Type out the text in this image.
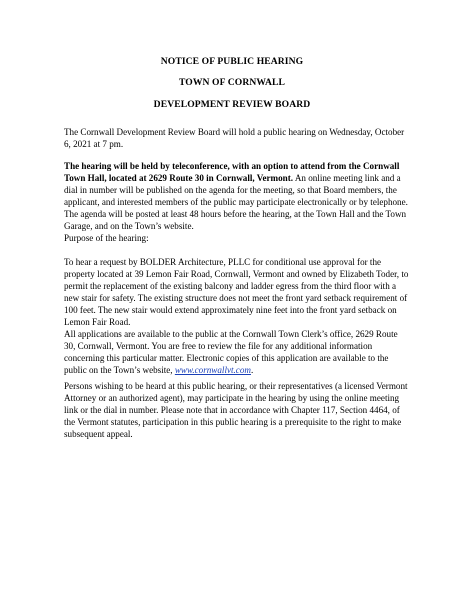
NOTICE OF PUBLIC HEARING
TOWN OF CORNWALL
DEVELOPMENT REVIEW BOARD

The Cornwall Development Review Board will hold a public hearing on Wednesday, October 6, 2021 at 7 pm.

The hearing will be held by teleconference, with an option to attend from the Cornwall Town Hall, located at 2629 Route 30 in Cornwall, Vermont. An online meeting link and a dial in number will be published on the agenda for the meeting, so that Board members, the applicant, and interested members of the public may participate electronically or by telephone. The agenda will be posted at least 48 hours before the hearing, at the Town Hall and the Town Garage, and on the Town’s website.

Purpose of the hearing:

To hear a request by BOLDER Architecture, PLLC for conditional use approval for the property located at 39 Lemon Fair Road, Cornwall, Vermont and owned by Elizabeth Toder, to permit the replacement of the existing balcony and ladder egress from the third floor with a new stair for safety. The existing structure does not meet the front yard setback requirement of 100 feet. The new stair would extend approximately nine feet into the front yard setback on Lemon Fair Road.

All applications are available to the public at the Cornwall Town Clerk’s office, 2629 Route 30, Cornwall, Vermont. You are free to review the file for any additional information concerning this particular matter. Electronic copies of this application are available to the public on the Town’s website, www.cornwallvt.com.

Persons wishing to be heard at this public hearing, or their representatives (a licensed Vermont Attorney or an authorized agent), may participate in the hearing by using the online meeting link or the dial in number. Please note that in accordance with Chapter 117, Section 4464, of the Vermont statutes, participation in this public hearing is a prerequisite to the right to make subsequent appeal.
